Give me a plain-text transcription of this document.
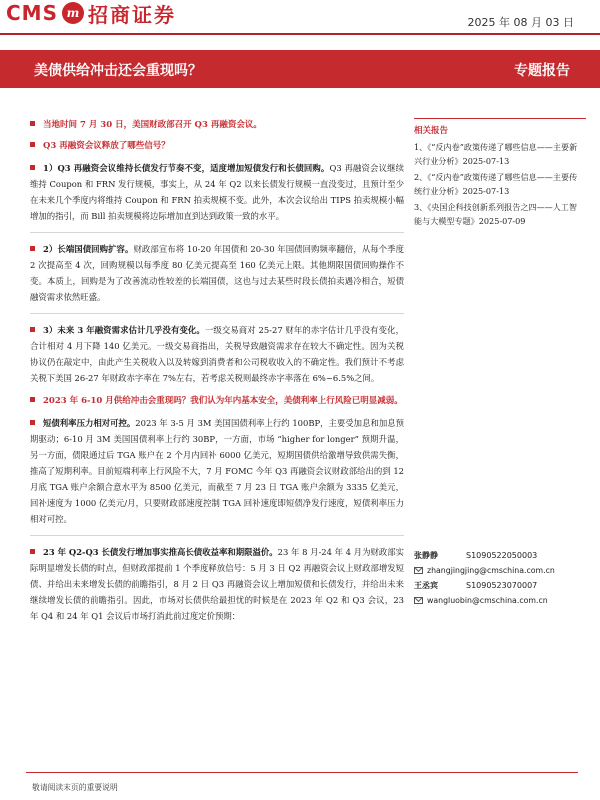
CMS m 招商证券	2025 年 08 月 03 日
美债供给冲击还会重现吗？	专题报告
当地时间 7 月 30 日，美国财政部召开 Q3 再融资会议。
Q3 再融资会议释放了哪些信号？
1）Q3 再融资会议维持长债发行节奏不变，适度增加短债发行和长债回购。Q3 再融资会议继续维持 Coupon 和 FRN 发行规模，事实上，从 24 年 Q2 以来长债发行规模一直没变过，且预计至少在未来几个季度内将维持 Coupon 和 FRN 拍卖规模不变。此外，本次会议给出 TIPS 拍卖规模小幅增加的指引，而 Bill 拍卖规模将边际增加直到达到政策一致的水平。
2）长端国债回购扩容。财政部宣布将 10-20 年国债和 20-30 年国债回购频率翻倍，从每个季度 2 次提高至 4 次，回购规模以每季度 80 亿美元提高至 160 亿美元上限。其他期限国债回购操作不变。本质上，回购是为了改善流动性较差的长端国债，这也与过去某些时段长债拍卖遇冷相合，短债融资需求依然旺盛。
3）未来 3 年融资需求估计几乎没有变化。一级交易商对 25-27 财年的赤字估计几乎没有变化，合计相对 4 月下降 140 亿美元。一级交易商指出，关税导致融资需求存在较大不确定性。因为关税协议仍在敲定中，由此产生关税收入以及转嫁到消费者和公司税收收入的不确定性。我们预计不考虑关税下美国 26-27 年财政赤字率在 7%左右，若考虑关税则最终赤字率落在 6%~6.5%之间。
2023 年 6-10 月供给冲击会重现吗？我们认为年内基本安全，美债利率上行风险已明显减弱。
短债利率压力相对可控。2023 年 3-5 月 3M 美国国债利率上行约 100BP，主要受加息和加息预期驱动；6-10 月 3M 美国国债利率上行约 30BP，一方面，市场 “higher for longer” 预期升温，另一方面，债限通过后 TGA 账户在 2 个月内回补 6000 亿美元，短期国债供给激增导致供需失衡，推高了短期利率。目前短端利率上行风险不大，7 月 FOMC 今年 Q3 再融资会议财政部给出的到 12 月底 TGA 账户余额合意水平为 8500 亿美元，而截至 7 月 23 日 TGA 账户余额为 3335 亿美元，回补速度为 1000 亿美元/月，只要财政部速度控制 TGA 回补速度即短债净发行速度，短债利率压力相对可控。
23 年 Q2-Q3 长债发行增加事实推高长债收益率和期限溢价。23 年 8 月-24 年 4 月为财政部实际明显增发长债的时点，但财政部提前 1 个季度释放信号：5 月 3 日 Q2 再融资会议上财政部增发短债、并给出未来增发长债的前瞻指引，8 月 2 日 Q3 再融资会议上增加短债和长债发行，并给出未来继续增发长债的前瞻指引。因此，市场对长债供给最担忧的时候是在 2023 年 Q2 和 Q3 会议，23 年 Q4 和 24 年 Q1 会议后市场打消此前过度定价预期：
相关报告
1、《“反内卷”政策传递了哪些信息——主要新兴行业分析》2025-07-13
2、《“反内卷”政策传递了哪些信息——主要传统行业分析》2025-07-13
3、《央国企科技创新系列报告之四——人工智能与大模型专题》2025-07-09
张静静	S1090522050003
zhangjingjing@cmschina.com.cn
王丞宾	S1090523070007
wangluobin@cmschina.com.cn
敬请阅读末页的重要说明
